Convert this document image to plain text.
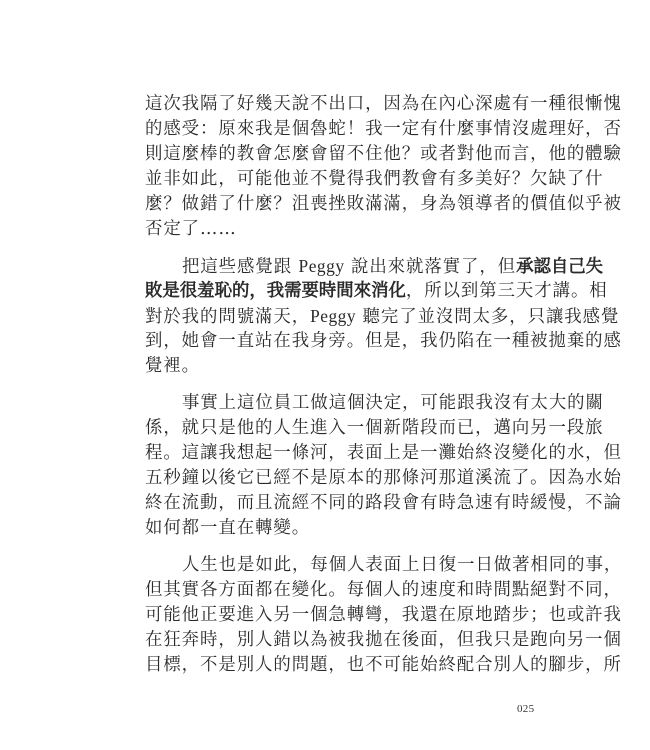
這次我隔了好幾天說不出口，因為在內心深處有一種很慚愧
的感受：原來我是個魯蛇！我一定有什麼事情沒處理好，否
則這麼棒的教會怎麼會留不住他？或者對他而言，他的體驗
並非如此，可能他並不覺得我們教會有多美好？欠缺了什
麼？做錯了什麼？沮喪挫敗滿滿，身為領導者的價值似乎被
否定了……
把這些感覺跟 Peggy 說出來就落實了，但承認自己失
敗是很羞恥的，我需要時間來消化，所以到第三天才講。相
對於我的問號滿天，Peggy 聽完了並沒問太多，只讓我感覺
到，她會一直站在我身旁。但是，我仍陷在一種被拋棄的感
覺裡。
事實上這位員工做這個決定，可能跟我沒有太大的關
係，就只是他的人生進入一個新階段而已，邁向另一段旅
程。這讓我想起一條河，表面上是一灘始終沒變化的水，但
五秒鐘以後它已經不是原本的那條河那道溪流了。因為水始
終在流動，而且流經不同的路段會有時急速有時緩慢，不論
如何都一直在轉變。
人生也是如此，每個人表面上日復一日做著相同的事，
但其實各方面都在變化。每個人的速度和時間點絕對不同，
可能他正要進入另一個急轉彎，我還在原地踏步；也或許我
在狂奔時，別人錯以為被我拋在後面，但我只是跑向另一個
目標，不是別人的問題，也不可能始終配合別人的腳步，所
025
